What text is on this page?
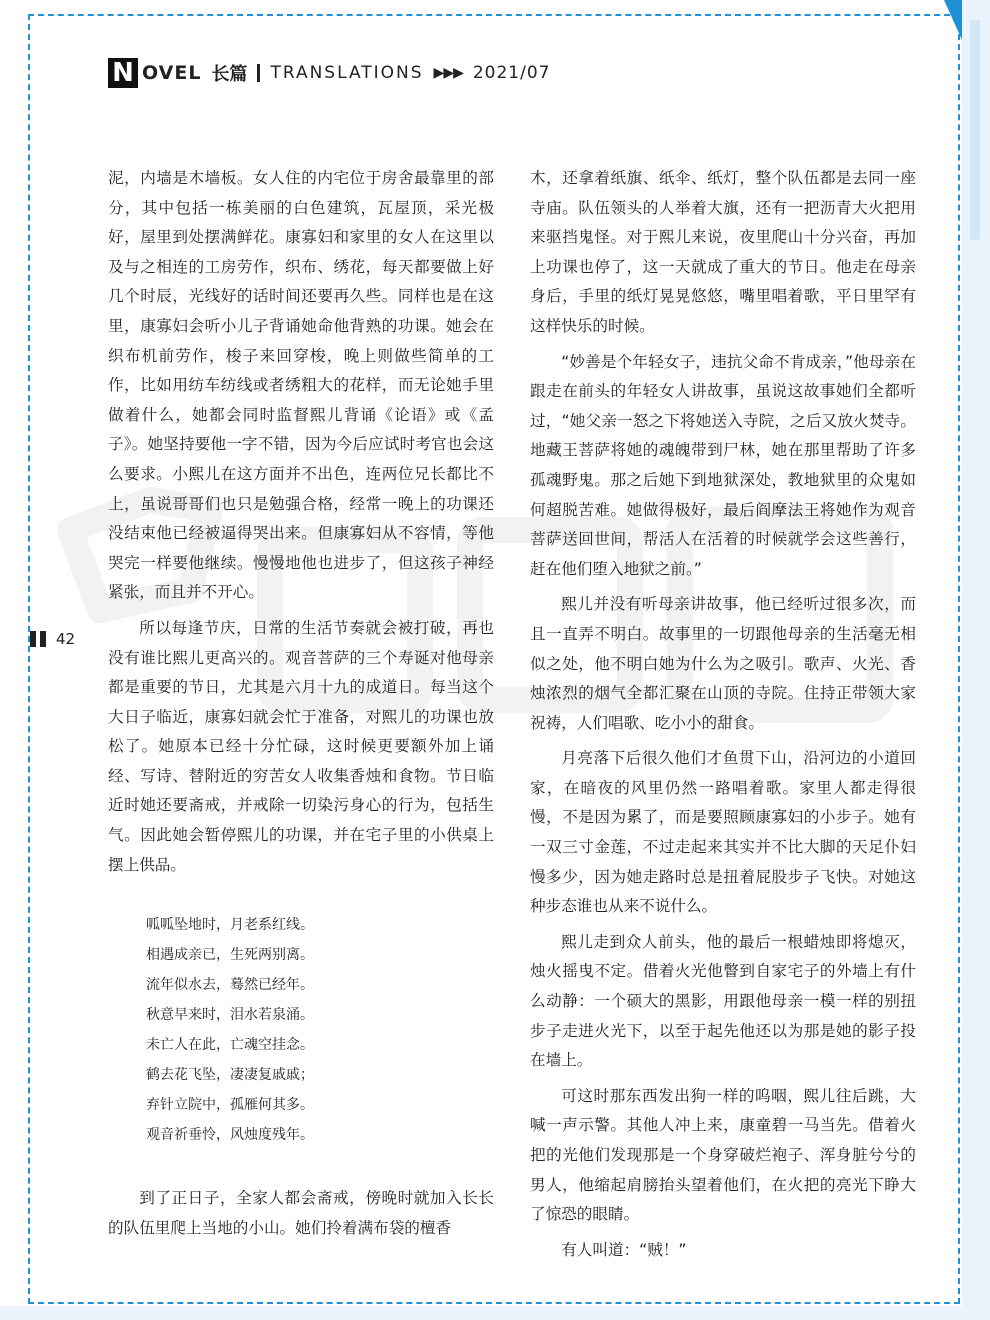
N OVEL 长篇 TRANSLATIONS ▶▶▶ 2021/07
42

泥，内墙是木墙板。女人住的内宅位于房舍最靠里的部分，其中包括一栋美丽的白色建筑，瓦屋顶，采光极好，屋里到处摆满鲜花。康寡妇和家里的女人在这里以及与之相连的工房劳作，织布、绣花，每天都要做上好几个时辰，光线好的话时间还要再久些。同样也是在这里，康寡妇会听小儿子背诵她命他背熟的功课。她会在织布机前劳作，梭子来回穿梭，晚上则做些简单的工作，比如用纺车纺线或者绣粗大的花样，而无论她手里做着什么，她都会同时监督熙儿背诵《论语》或《孟子》。她坚持要他一字不错，因为今后应试时考官也会这么要求。小熙儿在这方面并不出色，连两位兄长都比不上，虽说哥哥们也只是勉强合格，经常一晚上的功课还没结束他已经被逼得哭出来。但康寡妇从不容情，等他哭完一样要他继续。慢慢地他也进步了，但这孩子神经紧张，而且并不开心。

所以每逢节庆，日常的生活节奏就会被打破，再也没有谁比熙儿更高兴的。观音菩萨的三个寿诞对他母亲都是重要的节日，尤其是六月十九的成道日。每当这个大日子临近，康寡妇就会忙于准备，对熙儿的功课也放松了。她原本已经十分忙碌，这时候更要额外加上诵经、写诗、替附近的穷苦女人收集香烛和食物。节日临近时她还要斋戒，并戒除一切染污身心的行为，包括生气。因此她会暂停熙儿的功课，并在宅子里的小供桌上摆上供品。

呱呱坠地时，月老系红线。
相遇成亲已，生死两别离。
流年似水去，蓦然已经年。
秋意早来时，泪水若泉涌。
未亡人在此，亡魂空挂念。
鹤去花飞坠，凄凄复戚戚；
弃针立院中，孤雁何其多。
观音祈垂怜，风烛度残年。

到了正日子，全家人都会斋戒，傍晚时就加入长长的队伍里爬上当地的小山。她们拎着满布袋的檀香

木，还拿着纸旗、纸伞、纸灯，整个队伍都是去同一座寺庙。队伍领头的人举着大旗，还有一把沥青大火把用来驱挡鬼怪。对于熙儿来说，夜里爬山十分兴奋，再加上功课也停了，这一天就成了重大的节日。他走在母亲身后，手里的纸灯晃晃悠悠，嘴里唱着歌，平日里罕有这样快乐的时候。

“妙善是个年轻女子，违抗父命不肯成亲，”他母亲在跟走在前头的年轻女人讲故事，虽说这故事她们全都听过，“她父亲一怒之下将她送入寺院，之后又放火焚寺。地藏王菩萨将她的魂魄带到尸林，她在那里帮助了许多孤魂野鬼。那之后她下到地狱深处，教地狱里的众鬼如何超脱苦难。她做得极好，最后阎摩法王将她作为观音菩萨送回世间，帮活人在活着的时候就学会这些善行，赶在他们堕入地狱之前。”

熙儿并没有听母亲讲故事，他已经听过很多次，而且一直弄不明白。故事里的一切跟他母亲的生活毫无相似之处，他不明白她为什么为之吸引。歌声、火光、香烛浓烈的烟气全都汇聚在山顶的寺院。住持正带领大家祝祷，人们唱歌、吃小小的甜食。

月亮落下后很久他们才鱼贯下山，沿河边的小道回家，在暗夜的风里仍然一路唱着歌。家里人都走得很慢，不是因为累了，而是要照顾康寡妇的小步子。她有一双三寸金莲，不过走起来其实并不比大脚的天足仆妇慢多少，因为她走路时总是扭着屁股步子飞快。对她这种步态谁也从来不说什么。

熙儿走到众人前头，他的最后一根蜡烛即将熄灭，烛火摇曳不定。借着火光他瞥到自家宅子的外墙上有什么动静：一个硕大的黑影，用跟他母亲一模一样的别扭步子走进火光下，以至于起先他还以为那是她的影子投在墙上。

可这时那东西发出狗一样的呜咽，熙儿往后跳，大喊一声示警。其他人冲上来，康童碧一马当先。借着火把的光他们发现那是一个身穿破烂袍子、浑身脏兮兮的男人，他缩起肩膀抬头望着他们，在火把的亮光下睁大了惊恐的眼睛。

有人叫道：“贼！”
